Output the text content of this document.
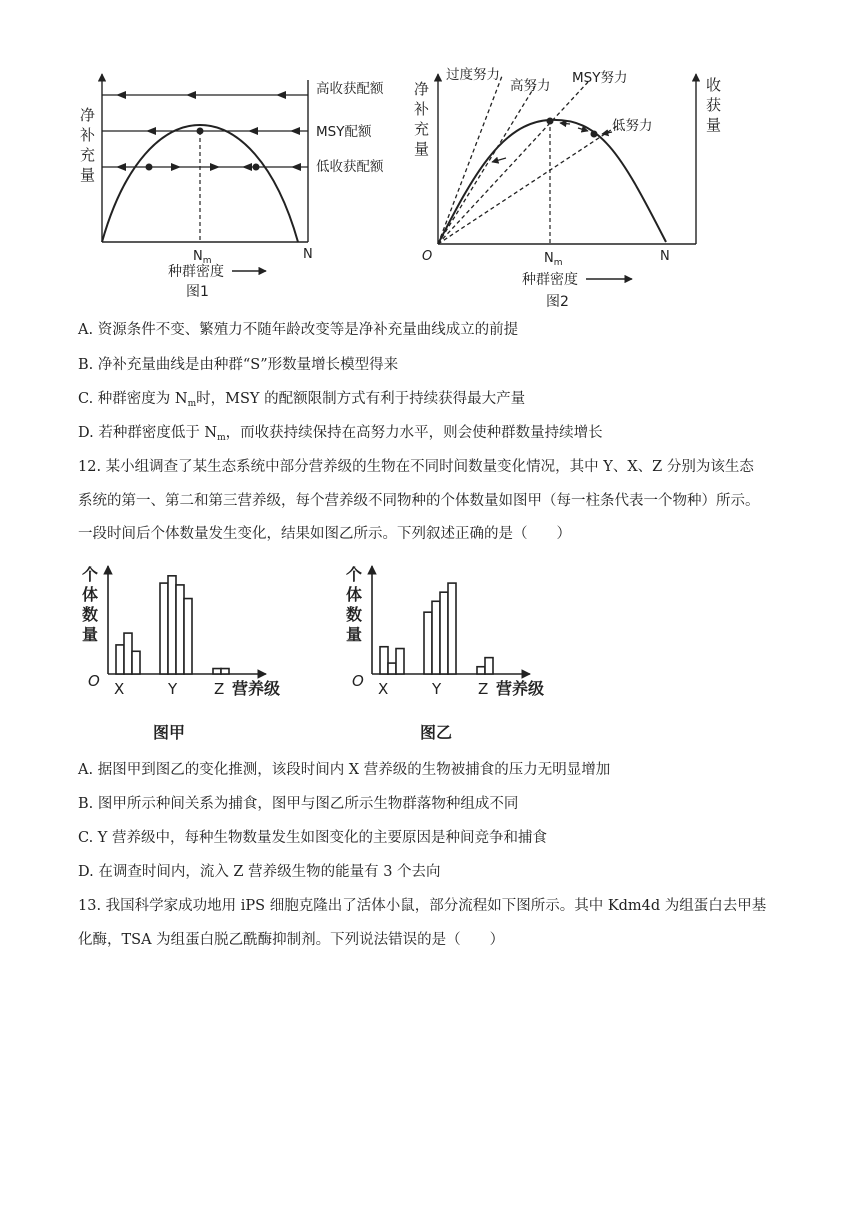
净
补
充
量
高收获配额
MSY配额
低收获配额
$N_m$	N
种群密度
图1
净
补
充
量
收
获
量
过度努力
高努力 MSY努力
低努力
O	$N_m$	N
种群密度
图2
A. 资源条件不变、繁殖力不随年龄改变等是净补充量曲线成立的前提
B. 净补充量曲线是由种群“S”形数量增长模型得来
C. 种群密度为 $N_m$时，MSY 的配额限制方式有利于持续获得最大产量
D. 若种群密度低于 $N_m$，而收获持续保持在高努力水平，则会使种群数量持续增长
12. 某小组调查了某生态系统中部分营养级的生物在不同时间数量变化情况，其中 Y、X、Z 分别为该生态
系统的第一、第二和第三营养级，每个营养级不同物种的个体数量如图甲（每一柱条代表一个物种）所示。
一段时间后个体数量发生变化，结果如图乙所示。下列叙述正确的是（　　）
个
体
数
量
O X	Y Z 营养级
图甲
个
体
数
量
O X	Y Z 营养级
图乙
A. 据图甲到图乙的变化推测，该段时间内 X 营养级的生物被捕食的压力无明显增加
B. 图甲所示种间关系为捕食，图甲与图乙所示生物群落物种组成不同
C. Y 营养级中，每种生物数量发生如图变化的主要原因是种间竞争和捕食
D. 在调查时间内，流入 Z 营养级生物的能量有 3 个去向
13. 我国科学家成功地用 iPS 细胞克隆出了活体小鼠，部分流程如下图所示。其中 Kdm4d 为组蛋白去甲基
化酶，TSA 为组蛋白脱乙酰酶抑制剂。下列说法错误的是（　　）
